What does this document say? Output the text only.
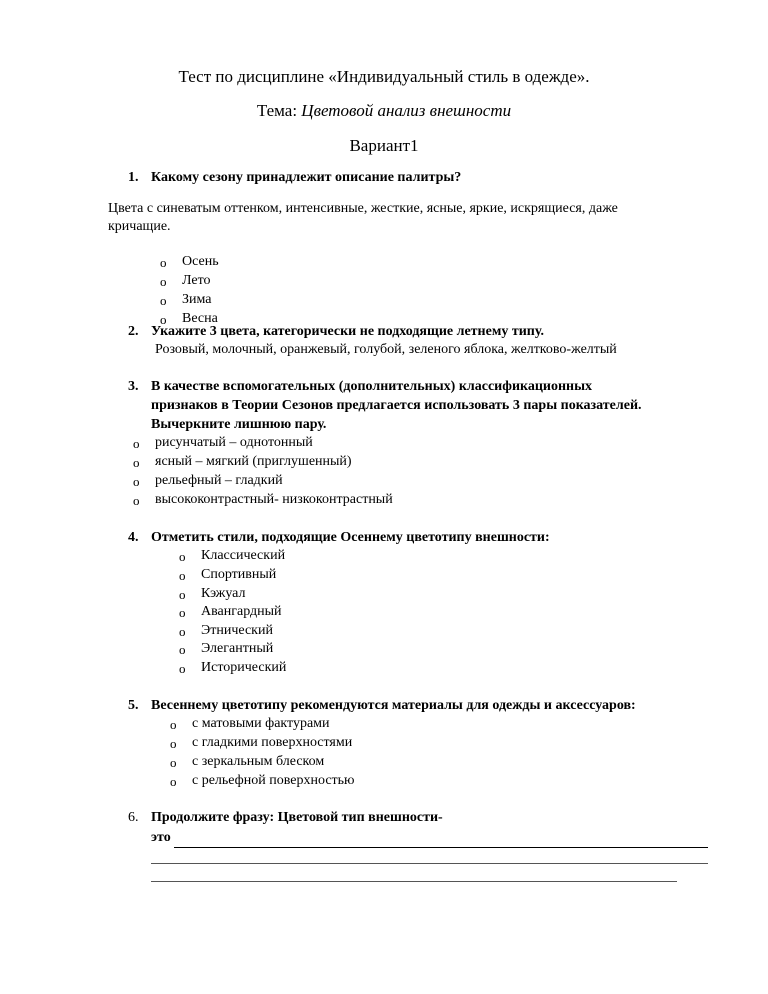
Тест по дисциплине «Индивидуальный стиль в одежде».
Тема: Цветовой анализ внешности
Вариант1
1. Какому сезону принадлежит описание палитры?
Цвета с синеватым оттенком, интенсивные, жесткие, ясные, яркие, искрящиеся, даже
кричащие.
o Осень
o Лето
o Зима
o Весна
2. Укажите 3 цвета, категорически не подходящие летнему типу.
Розовый, молочный, оранжевый, голубой, зеленого яблока, желтково-желтый
3. В качестве вспомогательных (дополнительных) классификационных
признаков в Теории Сезонов предлагается использовать 3 пары показателей.
Вычеркните лишнюю пару.
o рисунчатый – однотонный
o ясный – мягкий (приглушенный)
o рельефный – гладкий
o высококонтрастный- низкоконтрастный
4. Отметить стили, подходящие Осеннему цветотипу внешности:
o Классический
o Спортивный
o Кэжуал
o Авангардный
o Этнический
o Элегантный
o Исторический
5. Весеннему цветотипу рекомендуются материалы для одежды и аксессуаров:
o с матовыми фактурами
o с гладкими поверхностями
o с зеркальным блеском
o с рельефной поверхностью
6. Продолжите фразу: Цветовой тип внешности-
это
